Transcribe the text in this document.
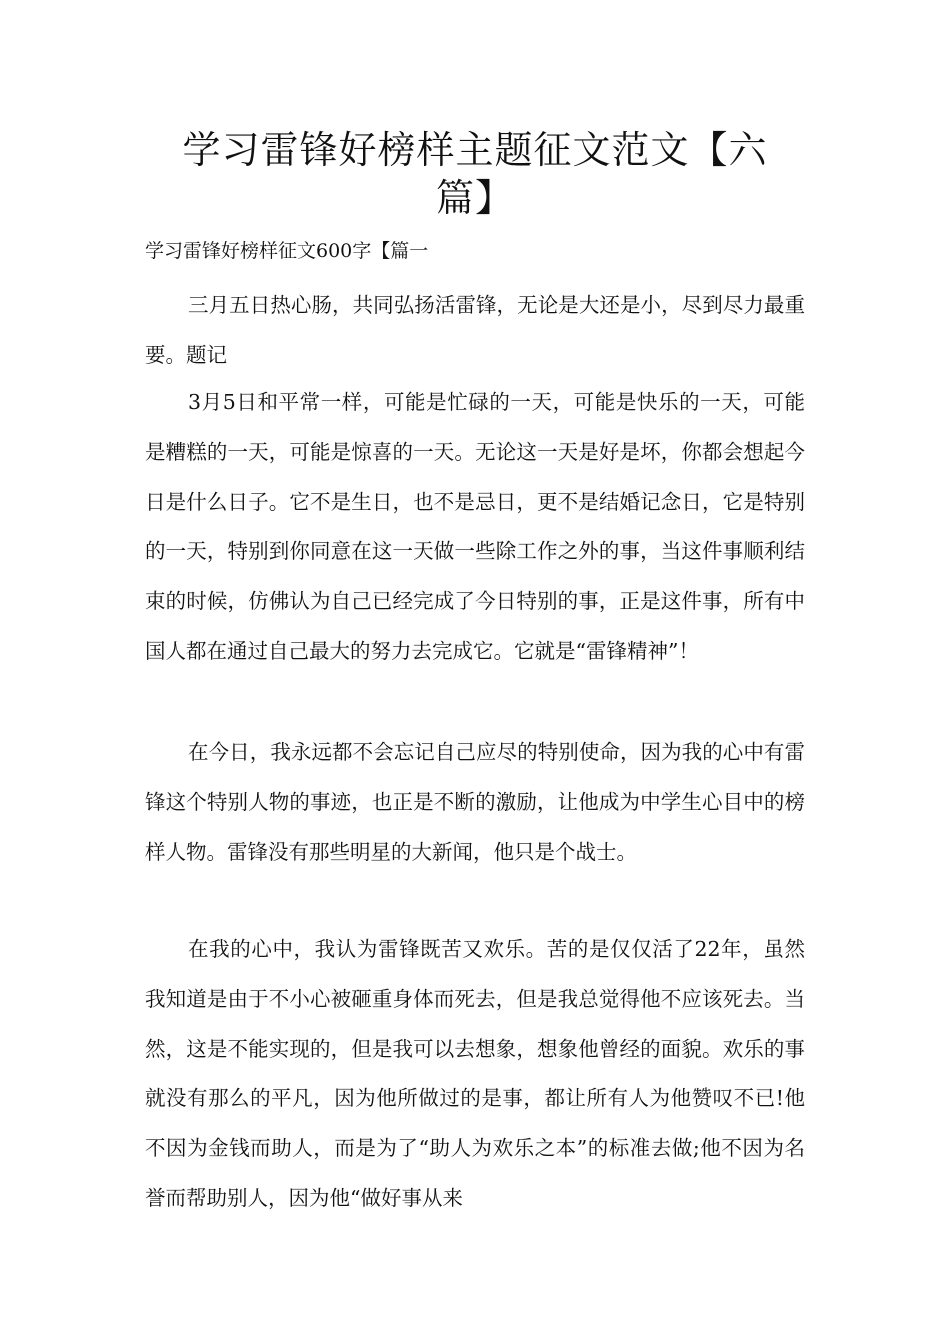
学习雷锋好榜样主题征文范文【六篇】

学习雷锋好榜样征文600字【篇一

三月五日热心肠，共同弘扬活雷锋，无论是大还是小，尽到尽力最重要。题记

3月5日和平常一样，可能是忙碌的一天，可能是快乐的一天，可能是糟糕的一天，可能是惊喜的一天。无论这一天是好是坏，你都会想起今日是什么日子。它不是生日，也不是忌日，更不是结婚记念日，它是特别的一天，特别到你同意在这一天做一些除工作之外的事，当这件事顺利结束的时候，仿佛认为自己已经完成了今日特别的事，正是这件事，所有中国人都在通过自己最大的努力去完成它。它就是“雷锋精神”！

在今日，我永远都不会忘记自己应尽的特别使命，因为我的心中有雷锋这个特别人物的事迹，也正是不断的激励，让他成为中学生心目中的榜样人物。雷锋没有那些明星的大新闻，他只是个战士。

在我的心中，我认为雷锋既苦又欢乐。苦的是仅仅活了22年，虽然我知道是由于不小心被砸重身体而死去，但是我总觉得他不应该死去。当然，这是不能实现的，但是我可以去想象，想象他曾经的面貌。欢乐的事就没有那么的平凡，因为他所做过的是事，都让所有人为他赞叹不已!他不因为金钱而助人，而是为了“助人为欢乐之本”的标准去做;他不因为名誉而帮助别人，因为他“做好事从来
